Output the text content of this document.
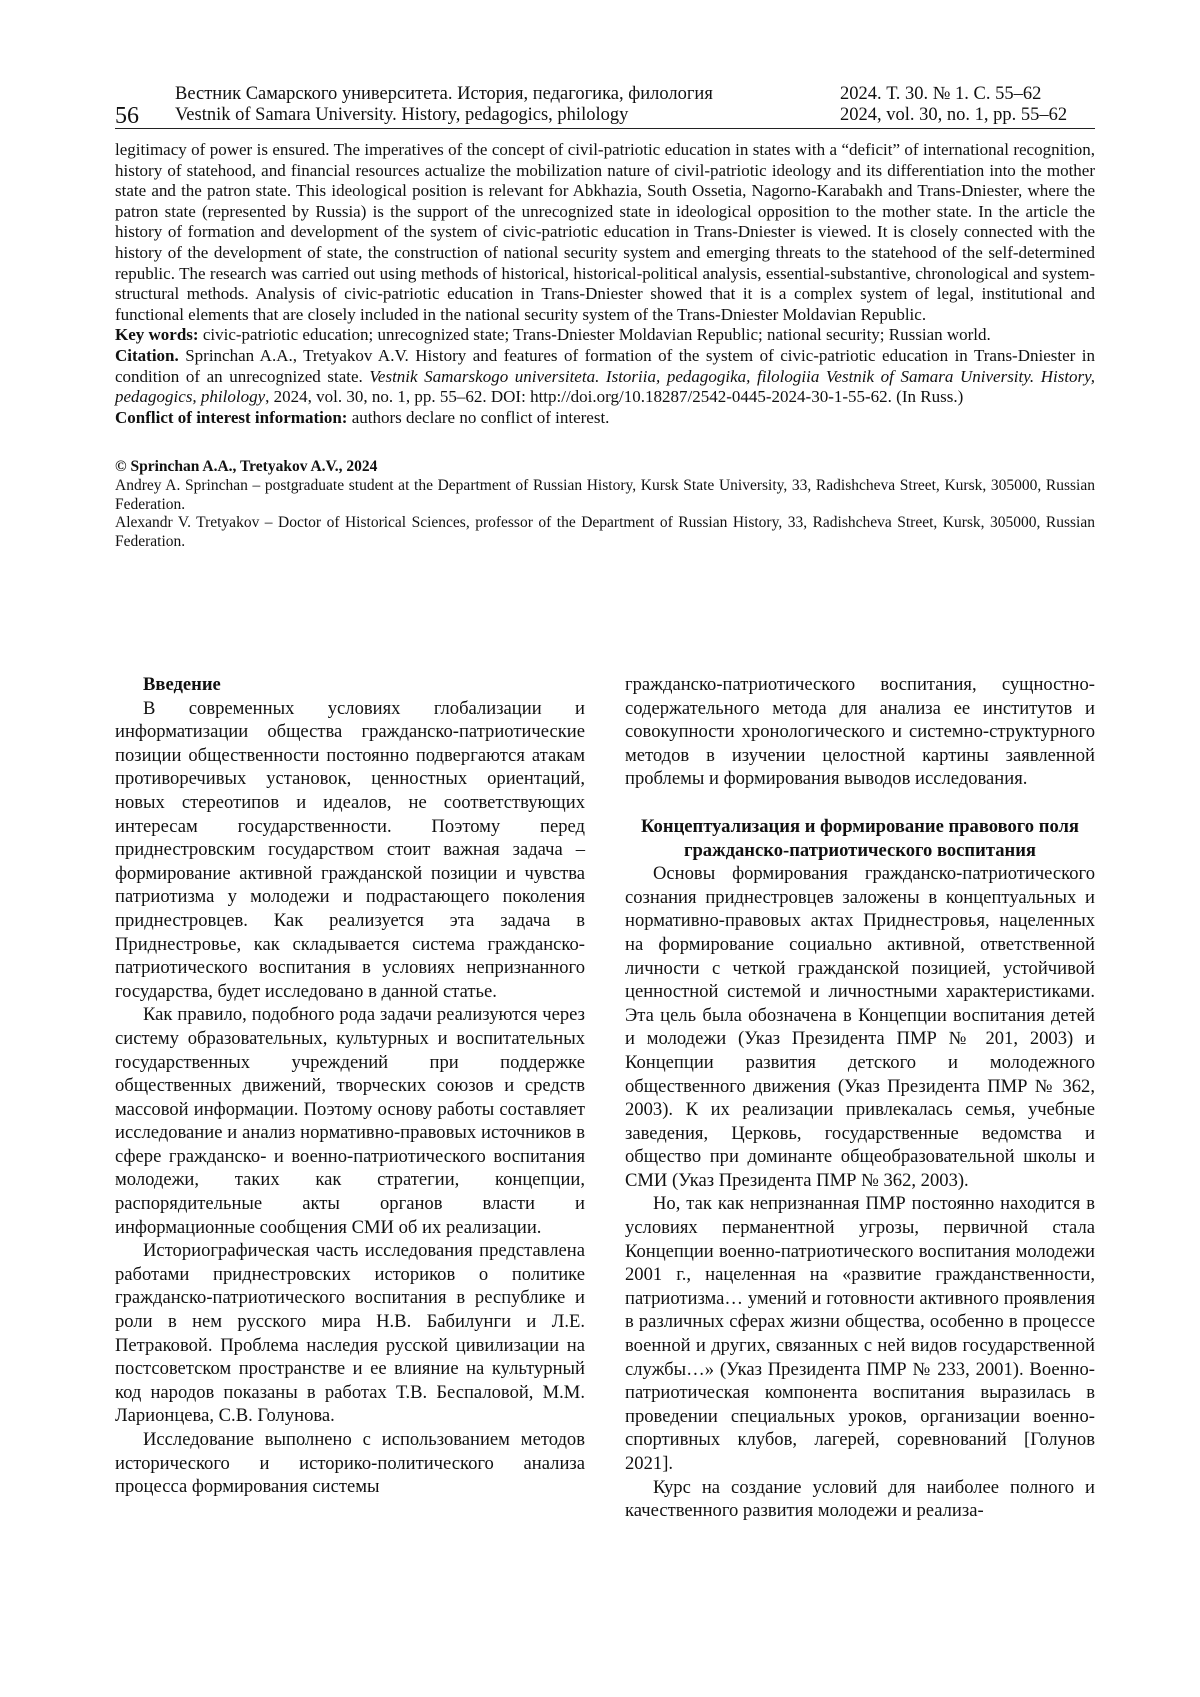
56
Вестник Самарского университета. История, педагогика, филология
Vestnik of Samara University. History, pedagogics, philology
2024. Т. 30. № 1. С. 55–62
2024, vol. 30, no. 1, pp. 55–62

legitimacy of power is ensured. The imperatives of the concept of civil-patriotic education in states with a “deficit” of international recognition, history of statehood, and financial resources actualize the mobilization nature of civil-patriotic ideology and its differentiation into the mother state and the patron state. This ideological position is relevant for Abkhazia, South Ossetia, Nagorno-Karabakh and Trans-Dniester, where the patron state (represented by Russia) is the support of the unrecognized state in ideological opposition to the mother state. In the article the history of formation and development of the system of civic-patriotic education in Trans-Dniester is viewed. It is closely connected with the history of the development of state, the construction of national security system and emerging threats to the statehood of the self-determined republic. The research was carried out using methods of historical, historical-political analysis, essential-substantive, chronological and system-structural methods. Analysis of civic-patriotic education in Trans-Dniester showed that it is a complex system of legal, institutional and functional elements that are closely included in the national security system of the Trans-Dniester Moldavian Republic.

Key words: civic-patriotic education; unrecognized state; Trans-Dniester Moldavian Republic; national security; Russian world.

Citation. Sprinchan A.A., Tretyakov A.V. History and features of formation of the system of civic-patriotic education in Trans-Dniester in condition of an unrecognized state. Vestnik Samarskogo universiteta. Istoriia, pedagogika, filologiia Vestnik of Samara University. History, pedagogics, philology, 2024, vol. 30, no. 1, pp. 55–62. DOI: http://doi.org/10.18287/2542-0445-2024-30-1-55-62. (In Russ.)

Conflict of interest information: authors declare no conflict of interest.

© Sprinchan A.A., Tretyakov A.V., 2024

Andrey A. Sprinchan – postgraduate student at the Department of Russian History, Kursk State University, 33, Radishcheva Street, Kursk, 305000, Russian Federation.

Alexandr V. Tretyakov – Doctor of Historical Sciences, professor of the Department of Russian History, 33, Radishcheva Street, Kursk, 305000, Russian Federation.

Введение

В современных условиях глобализации и информатизации общества гражданско-патриотические позиции общественности постоянно подвергаются атакам противоречивых установок, ценностных ориентаций, новых стереотипов и идеалов, не соответствующих интересам государственности. Поэтому перед приднестровским государством стоит важная задача – формирование активной гражданской позиции и чувства патриотизма у молодежи и подрастающего поколения приднестровцев. Как реализуется эта задача в Приднестровье, как складывается система гражданско-патриотического воспитания в условиях непризнанного государства, будет исследовано в данной статье.

Как правило, подобного рода задачи реализуются через систему образовательных, культурных и воспитательных государственных учреждений при поддержке общественных движений, творческих союзов и средств массовой информации. Поэтому основу работы составляет исследование и анализ нормативно-правовых источников в сфере гражданско- и военно-патриотического воспитания молодежи, таких как стратегии, концепции, распорядительные акты органов власти и информационные сообщения СМИ об их реализации.

Историографическая часть исследования представлена работами приднестровских историков о политике гражданско-патриотического воспитания в республике и роли в нем русского мира Н.В. Бабилунги и Л.Е. Петраковой. Проблема наследия русской цивилизации на постсоветском пространстве и ее влияние на культурный код народов показаны в работах Т.В. Беспаловой, М.М. Ларионцева, С.В. Голунова.

Исследование выполнено с использованием методов исторического и историко-политического анализа процесса формирования системы

гражданско-патриотического воспитания, сущностно-содержательного метода для анализа ее институтов и совокупности хронологического и системно-структурного методов в изучении целостной картины заявленной проблемы и формирования выводов исследования.

Концептуализация и формирование правового поля гражданско-патриотического воспитания

Основы формирования гражданско-патриотического сознания приднестровцев заложены в концептуальных и нормативно-правовых актах Приднестровья, нацеленных на формирование социально активной, ответственной личности с четкой гражданской позицией, устойчивой ценностной системой и личностными характеристиками. Эта цель была обозначена в Концепции воспитания детей и молодежи (Указ Президента ПМР № 201, 2003) и Концепции развития детского и молодежного общественного движения (Указ Президента ПМР № 362, 2003). К их реализации привлекалась семья, учебные заведения, Церковь, государственные ведомства и общество при доминанте общеобразовательной школы и СМИ (Указ Президента ПМР № 362, 2003).

Но, так как непризнанная ПМР постоянно находится в условиях перманентной угрозы, первичной стала Концепции военно-патриотического воспитания молодежи 2001 г., нацеленная на «развитие гражданственности, патриотизма… умений и готовности активного проявления в различных сферах жизни общества, особенно в процессе военной и других, связанных с ней видов государственной службы…» (Указ Президента ПМР № 233, 2001). Военно-патриотическая компонента воспитания выразилась в проведении специальных уроков, организации военно-спортивных клубов, лагерей, соревнований [Голунов 2021].

Курс на создание условий для наиболее полного и качественного развития молодежи и реализа-
